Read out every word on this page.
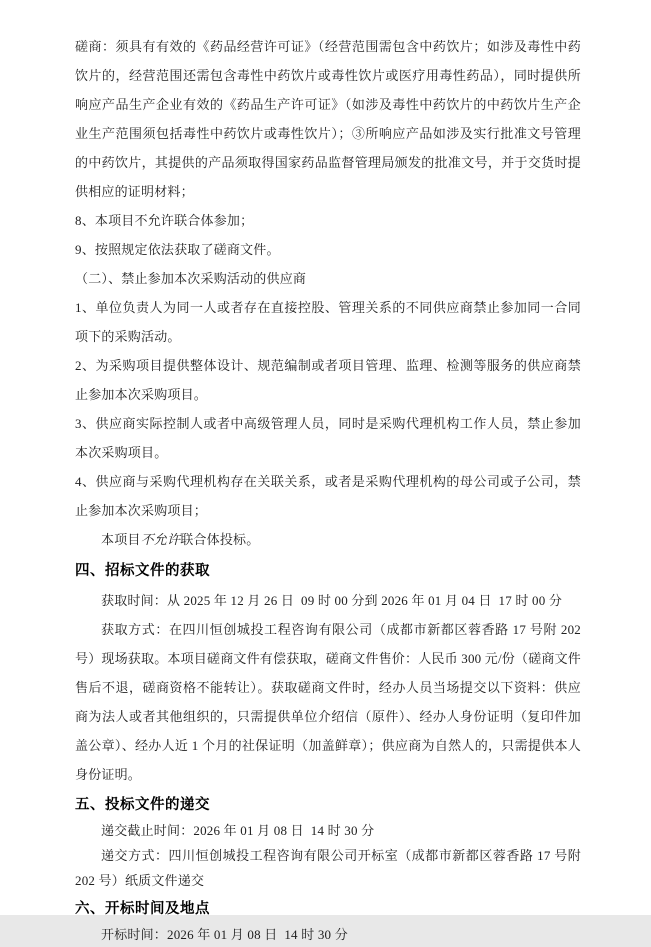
磋商：须具有有效的《药品经营许可证》（经营范围需包含中药饮片；如涉及毒性中药饮片的，经营范围还需包含毒性中药饮片或毒性饮片或医疗用毒性药品），同时提供所响应产品生产企业有效的《药品生产许可证》（如涉及毒性中药饮片的中药饮片生产企业生产范围须包括毒性中药饮片或毒性饮片）；③所响应产品如涉及实行批准文号管理的中药饮片，其提供的产品须取得国家药品监督管理局颁发的批准文号，并于交货时提供相应的证明材料；

8、本项目不允许联合体参加；

9、按照规定依法获取了磋商文件。

（二）、禁止参加本次采购活动的供应商

1、单位负责人为同一人或者存在直接控股、管理关系的不同供应商禁止参加同一合同项下的采购活动。

2、为采购项目提供整体设计、规范编制或者项目管理、监理、检测等服务的供应商禁止参加本次采购项目。

3、供应商实际控制人或者中高级管理人员，同时是采购代理机构工作人员，禁止参加本次采购项目。

4、供应商与采购代理机构存在关联关系，或者是采购代理机构的母公司或子公司，禁止参加本次采购项目；

本项目不允许联合体投标。

四、招标文件的获取

获取时间：从 2025 年 12 月 26 日  09 时 00 分到 2026 年 01 月 04 日  17 时 00 分

获取方式：在四川恒创城投工程咨询有限公司（成都市新都区蓉香路 17 号附 202 号）现场获取。本项目磋商文件有偿获取，磋商文件售价：人民币 300 元/份（磋商文件售后不退，磋商资格不能转让）。获取磋商文件时，经办人员当场提交以下资料：供应商为法人或者其他组织的，只需提供单位介绍信（原件）、经办人身份证明（复印件加盖公章）、经办人近 1 个月的社保证明（加盖鲜章）；供应商为自然人的，只需提供本人身份证明。

五、投标文件的递交

递交截止时间：2026 年 01 月 08 日  14 时 30 分

递交方式：四川恒创城投工程咨询有限公司开标室（成都市新都区蓉香路 17 号附 202 号）纸质文件递交

六、开标时间及地点

开标时间：2026 年 01 月 08 日  14 时 30 分
